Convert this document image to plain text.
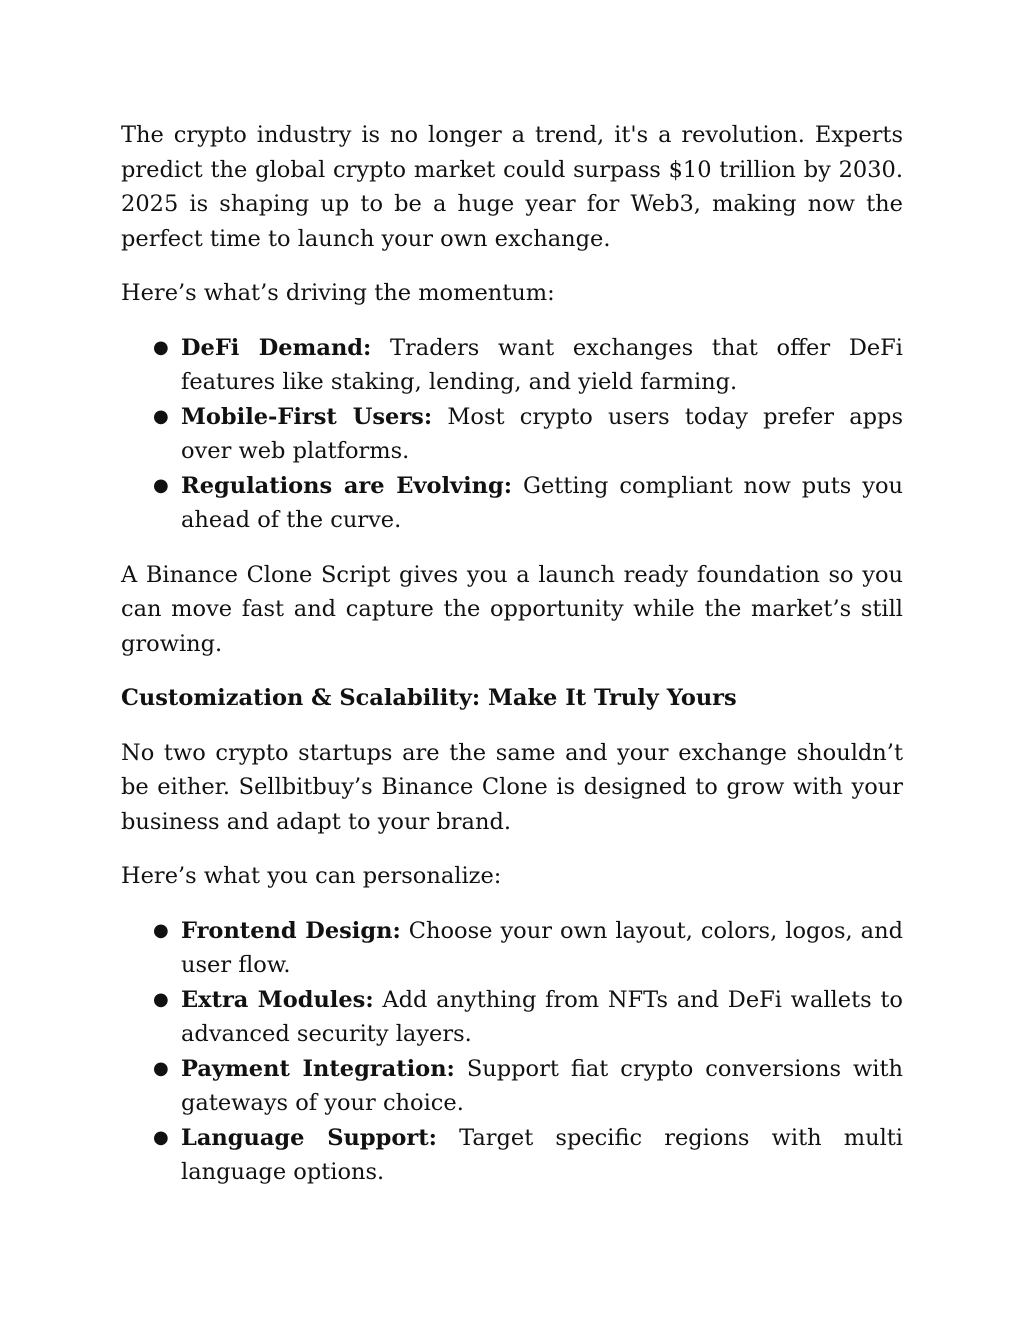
The crypto industry is no longer a trend, it's a revolution. Experts predict the global crypto market could surpass $10 trillion by 2030. 2025 is shaping up to be a huge year for Web3, making now the perfect time to launch your own exchange.

Here’s what’s driving the momentum:

● DeFi Demand: Traders want exchanges that offer DeFi features like staking, lending, and yield farming.
● Mobile-First Users: Most crypto users today prefer apps over web platforms.
● Regulations are Evolving: Getting compliant now puts you ahead of the curve.

A Binance Clone Script gives you a launch ready foundation so you can move fast and capture the opportunity while the market’s still growing.

Customization & Scalability: Make It Truly Yours

No two crypto startups are the same and your exchange shouldn’t be either. Sellbitbuy’s Binance Clone is designed to grow with your business and adapt to your brand.

Here’s what you can personalize:

● Frontend Design: Choose your own layout, colors, logos, and user flow.
● Extra Modules: Add anything from NFTs and DeFi wallets to advanced security layers.
● Payment Integration: Support fiat crypto conversions with gateways of your choice.
● Language Support: Target specific regions with multi language options.
